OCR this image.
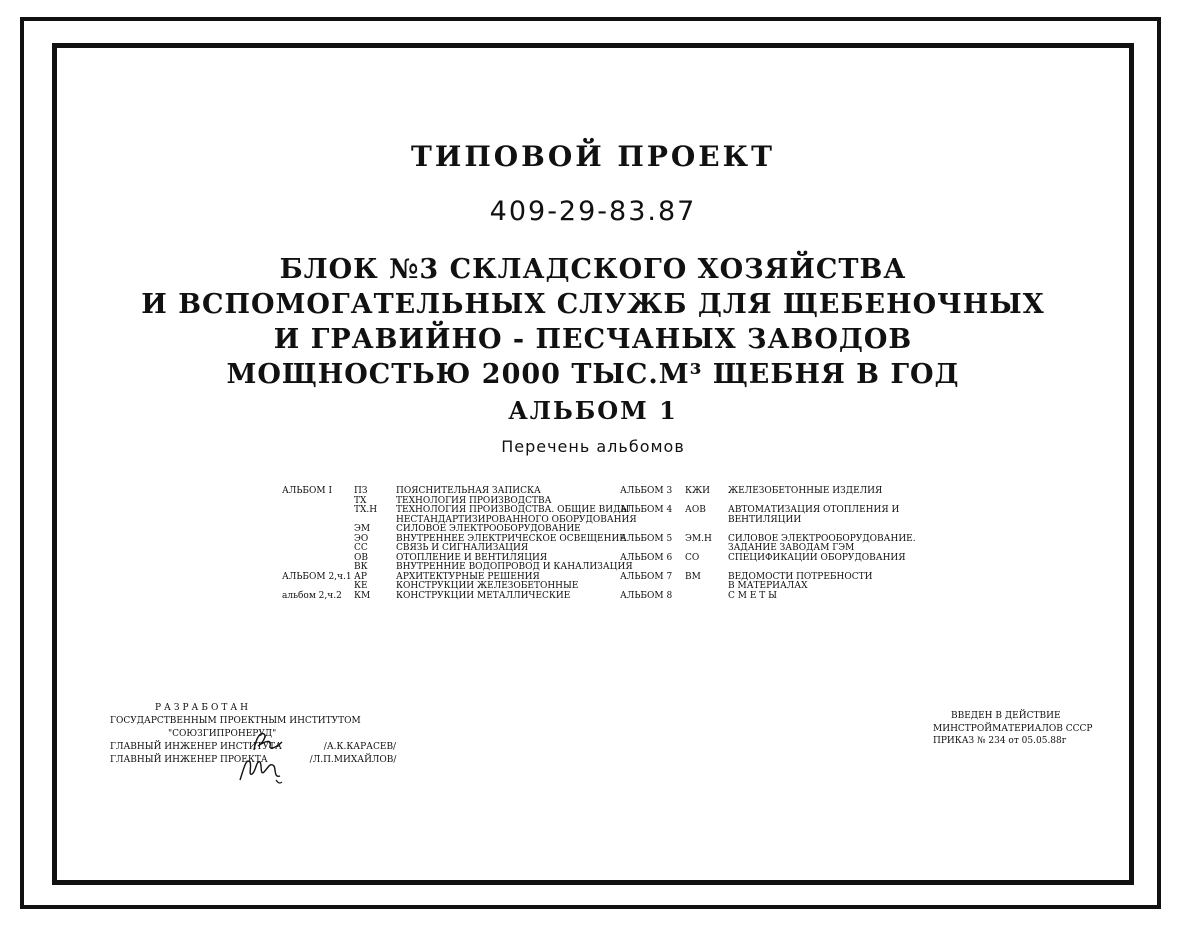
ТИПОВОЙ ПРОЕКТ
409-29-83.87
БЛОК №3 СКЛАДСКОГО ХОЗЯЙСТВА
И ВСПОМОГАТЕЛЬНЫХ СЛУЖБ ДЛЯ ЩЕБЕНОЧНЫХ
И ГРАВИЙНО - ПЕСЧАНЫХ ЗАВОДОВ
МОЩНОСТЬЮ 2000 ТЫС.М³ ЩЕБНЯ В ГОД
АЛЬБОМ 1
Перечень альбомов
АЛЬБОМ I

АЛЬБОМ 2,ч.1

альбом 2,ч.2
ПЗ
ТХ
ТХ.Н

ЭМ
ЭО
СС
ОВ
ВК
АР
КЕ
КМ
ПОЯСНИТЕЛЬНАЯ ЗАПИСКА
ТЕХНОЛОГИЯ ПРОИЗВОДСТВА
ТЕХНОЛОГИЯ ПРОИЗВОДСТВА. ОБЩИЕ ВИДЫ
НЕСТАНДАРТИЗИРОВАННОГО ОБОРУДОВАНИЯ
СИЛОВОЕ ЭЛЕКТРООБОРУДОВАНИЕ
ВНУТРЕННЕЕ ЭЛЕКТРИЧЕСКОЕ ОСВЕЩЕНИЕ
СВЯЗЬ И СИГНАЛИЗАЦИЯ
ОТОПЛЕНИЕ И ВЕНТИЛЯЦИЯ
ВНУТРЕННИЕ ВОДОПРОВОД И КАНАЛИЗАЦИЯ
АРХИТЕКТУРНЫЕ РЕШЕНИЯ
КОНСТРУКЦИИ ЖЕЛЕЗОБЕТОННЫЕ
КОНСТРУКЦИИ МЕТАЛЛИЧЕСКИЕ
АЛЬБОМ 3

АЛЬБОМ 4

АЛЬБОМ 5

АЛЬБОМ 6

АЛЬБОМ 7

АЛЬБОМ 8
КЖИ

АОВ

ЭМ.Н

СО

ВМ

ЖЕЛЕЗОБЕТОННЫЕ ИЗДЕЛИЯ

АВТОМАТИЗАЦИЯ ОТОПЛЕНИЯ И
ВЕНТИЛЯЦИИ

СИЛОВОЕ ЭЛЕКТРООБОРУДОВАНИЕ.
ЗАДАНИЕ ЗАВОДАМ ГЭМ
СПЕЦИФИКАЦИИ ОБОРУДОВАНИЯ

ВЕДОМОСТИ ПОТРЕБНОСТИ
В МАТЕРИАЛАХ
С М Е Т Ы
РАЗРАБОТАН
ГОСУДАРСТВЕННЫМ ПРОЕКТНЫМ ИНСТИТУТОМ
"СОЮЗГИПРОНЕРУД"
ГЛАВНЫЙ ИНЖЕНЕР ИНСТИТУТА	/А.К.КАРАСЕВ/
ГЛАВНЫЙ ИНЖЕНЕР ПРОЕКТА	/Л.П.МИХАЙЛОВ/
ВВЕДЕН В ДЕЙСТВИЕ
МИНСТРОЙМАТЕРИАЛОВ СССР
ПРИКАЗ № 234 от 05.05.88г
